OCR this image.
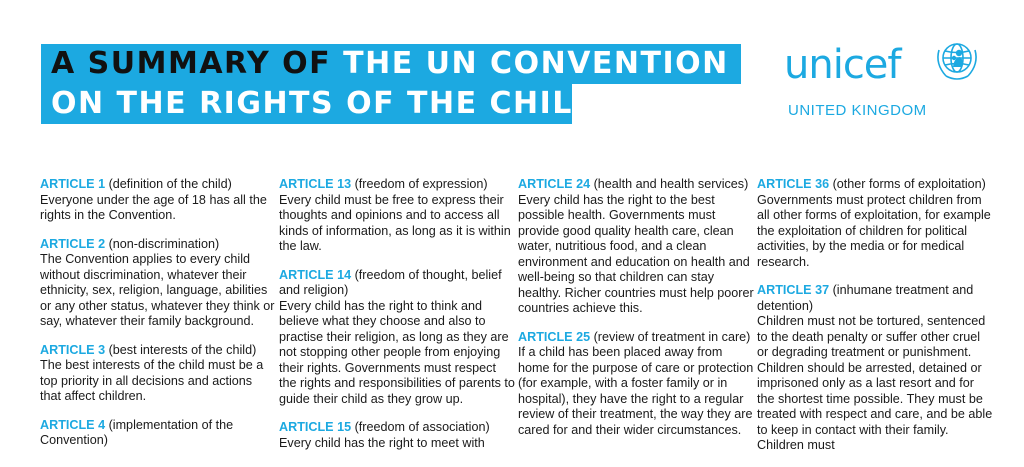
A SUMMARY OF THE UN CONVENTION
ON THE RIGHTS OF THE CHILD
unicef
UNITED KINGDOM
ARTICLE 1 (definition of the child)
Everyone under the age of 18 has all the rights in the Convention.
ARTICLE 2 (non-discrimination)
The Convention applies to every child without discrimination, whatever their ethnicity, sex, religion, language, abilities or any other status, whatever they think or say, whatever their family background.
ARTICLE 3 (best interests of the child)
The best interests of the child must be a top priority in all decisions and actions that affect children.
ARTICLE 4 (implementation of the Convention)
ARTICLE 13 (freedom of expression)
Every child must be free to express their thoughts and opinions and to access all kinds of information, as long as it is within the law.
ARTICLE 14 (freedom of thought, belief and religion)
Every child has the right to think and believe what they choose and also to practise their religion, as long as they are not stopping other people from enjoying their rights. Governments must respect the rights and responsibilities of parents to guide their child as they grow up.
ARTICLE 15 (freedom of association)
Every child has the right to meet with
ARTICLE 24 (health and health services)
Every child has the right to the best possible health. Governments must provide good quality health care, clean water, nutritious food, and a clean environment and education on health and well-being so that children can stay healthy. Richer countries must help poorer countries achieve this.
ARTICLE 25 (review of treatment in care)
If a child has been placed away from home for the purpose of care or protection (for example, with a foster family or in hospital), they have the right to a regular review of their treatment, the way they are cared for and their wider circumstances.
ARTICLE 36 (other forms of exploitation)
Governments must protect children from all other forms of exploitation, for example the exploitation of children for political activities, by the media or for medical research.
ARTICLE 37 (inhumane treatment and detention)
Children must not be tortured, sentenced to the death penalty or suffer other cruel or degrading treatment or punishment. Children should be arrested, detained or imprisoned only as a last resort and for the shortest time possible. They must be treated with respect and care, and be able to keep in contact with their family. Children must
